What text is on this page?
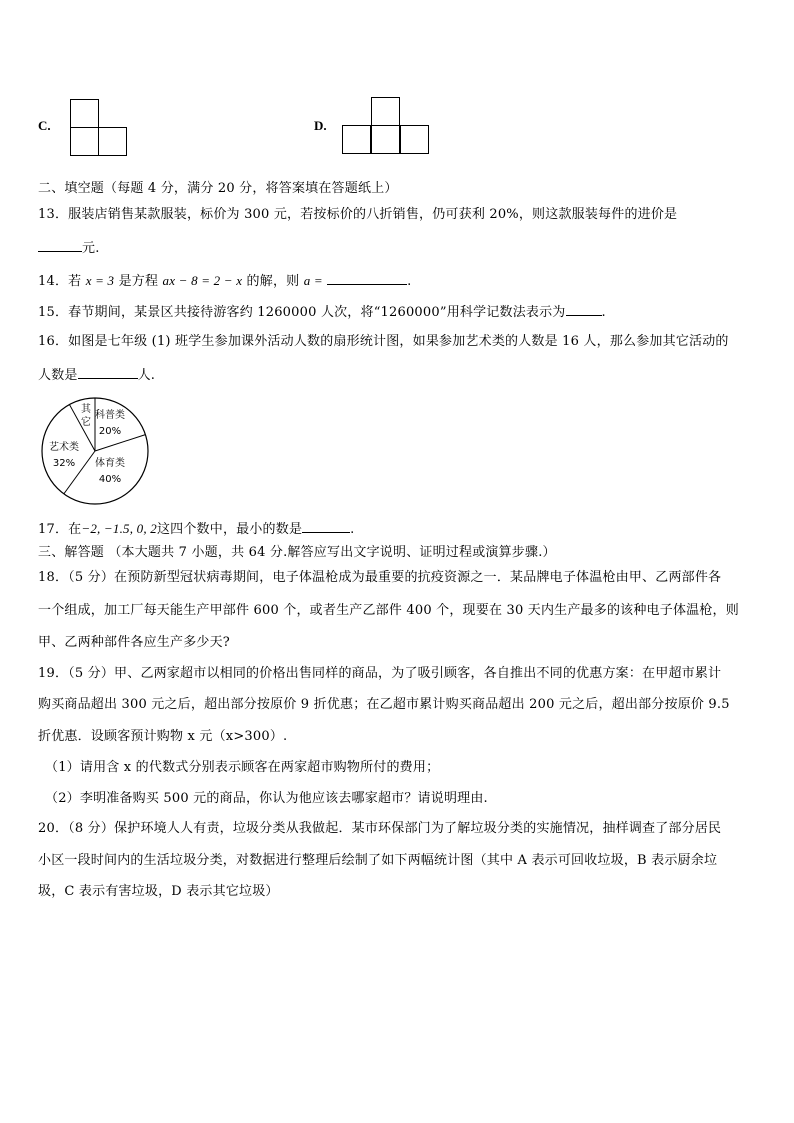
C.	D.
二、填空题（每题 4 分，满分 20 分，将答案填在答题纸上）
13．服装店销售某款服装，标价为 300 元，若按标价的八折销售，仍可获利 20%，则这款服装每件的进价是
元.
14．若 x = 3 是方程 ax − 8 = 2 − x 的解，则 a =	.
15．春节期间，某景区共接待游客约 1260000 人次，将“1260000”用科学记数法表示为	.
16．如图是七年级 (1) 班学生参加课外活动人数的扇形统计图，如果参加艺术类的人数是 16 人，那么参加其它活动的
人数是	人.
科普类
20%
体育类
40%
艺术类
32%
其
它
17．在−2, −1.5, 0, 2这四个数中，最小的数是	.
三、解答题 （本大题共 7 小题，共 64 分.解答应写出文字说明、证明过程或演算步骤.）
18．（5 分）在预防新型冠状病毒期间，电子体温枪成为最重要的抗疫资源之一．某品牌电子体温枪由甲、乙两部件各
一个组成，加工厂每天能生产甲部件 600 个，或者生产乙部件 400 个，现要在 30 天内生产最多的该种电子体温枪，则
甲、乙两种部件各应生产多少天?
19．（5 分）甲、乙两家超市以相同的价格出售同样的商品，为了吸引顾客，各自推出不同的优惠方案：在甲超市累计
购买商品超出 300 元之后，超出部分按原价 9 折优惠；在乙超市累计购买商品超出 200 元之后，超出部分按原价 9.5
折优惠．设顾客预计购物 x 元（x>300）.
（1）请用含 x 的代数式分别表示顾客在两家超市购物所付的费用；
（2）李明准备购买 500 元的商品，你认为他应该去哪家超市？请说明理由.
20．（8 分）保护环境人人有责，垃圾分类从我做起．某市环保部门为了解垃圾分类的实施情况，抽样调查了部分居民
小区一段时间内的生活垃圾分类，对数据进行整理后绘制了如下两幅统计图（其中 A 表示可回收垃圾，B 表示厨余垃
圾，C 表示有害垃圾，D 表示其它垃圾）
